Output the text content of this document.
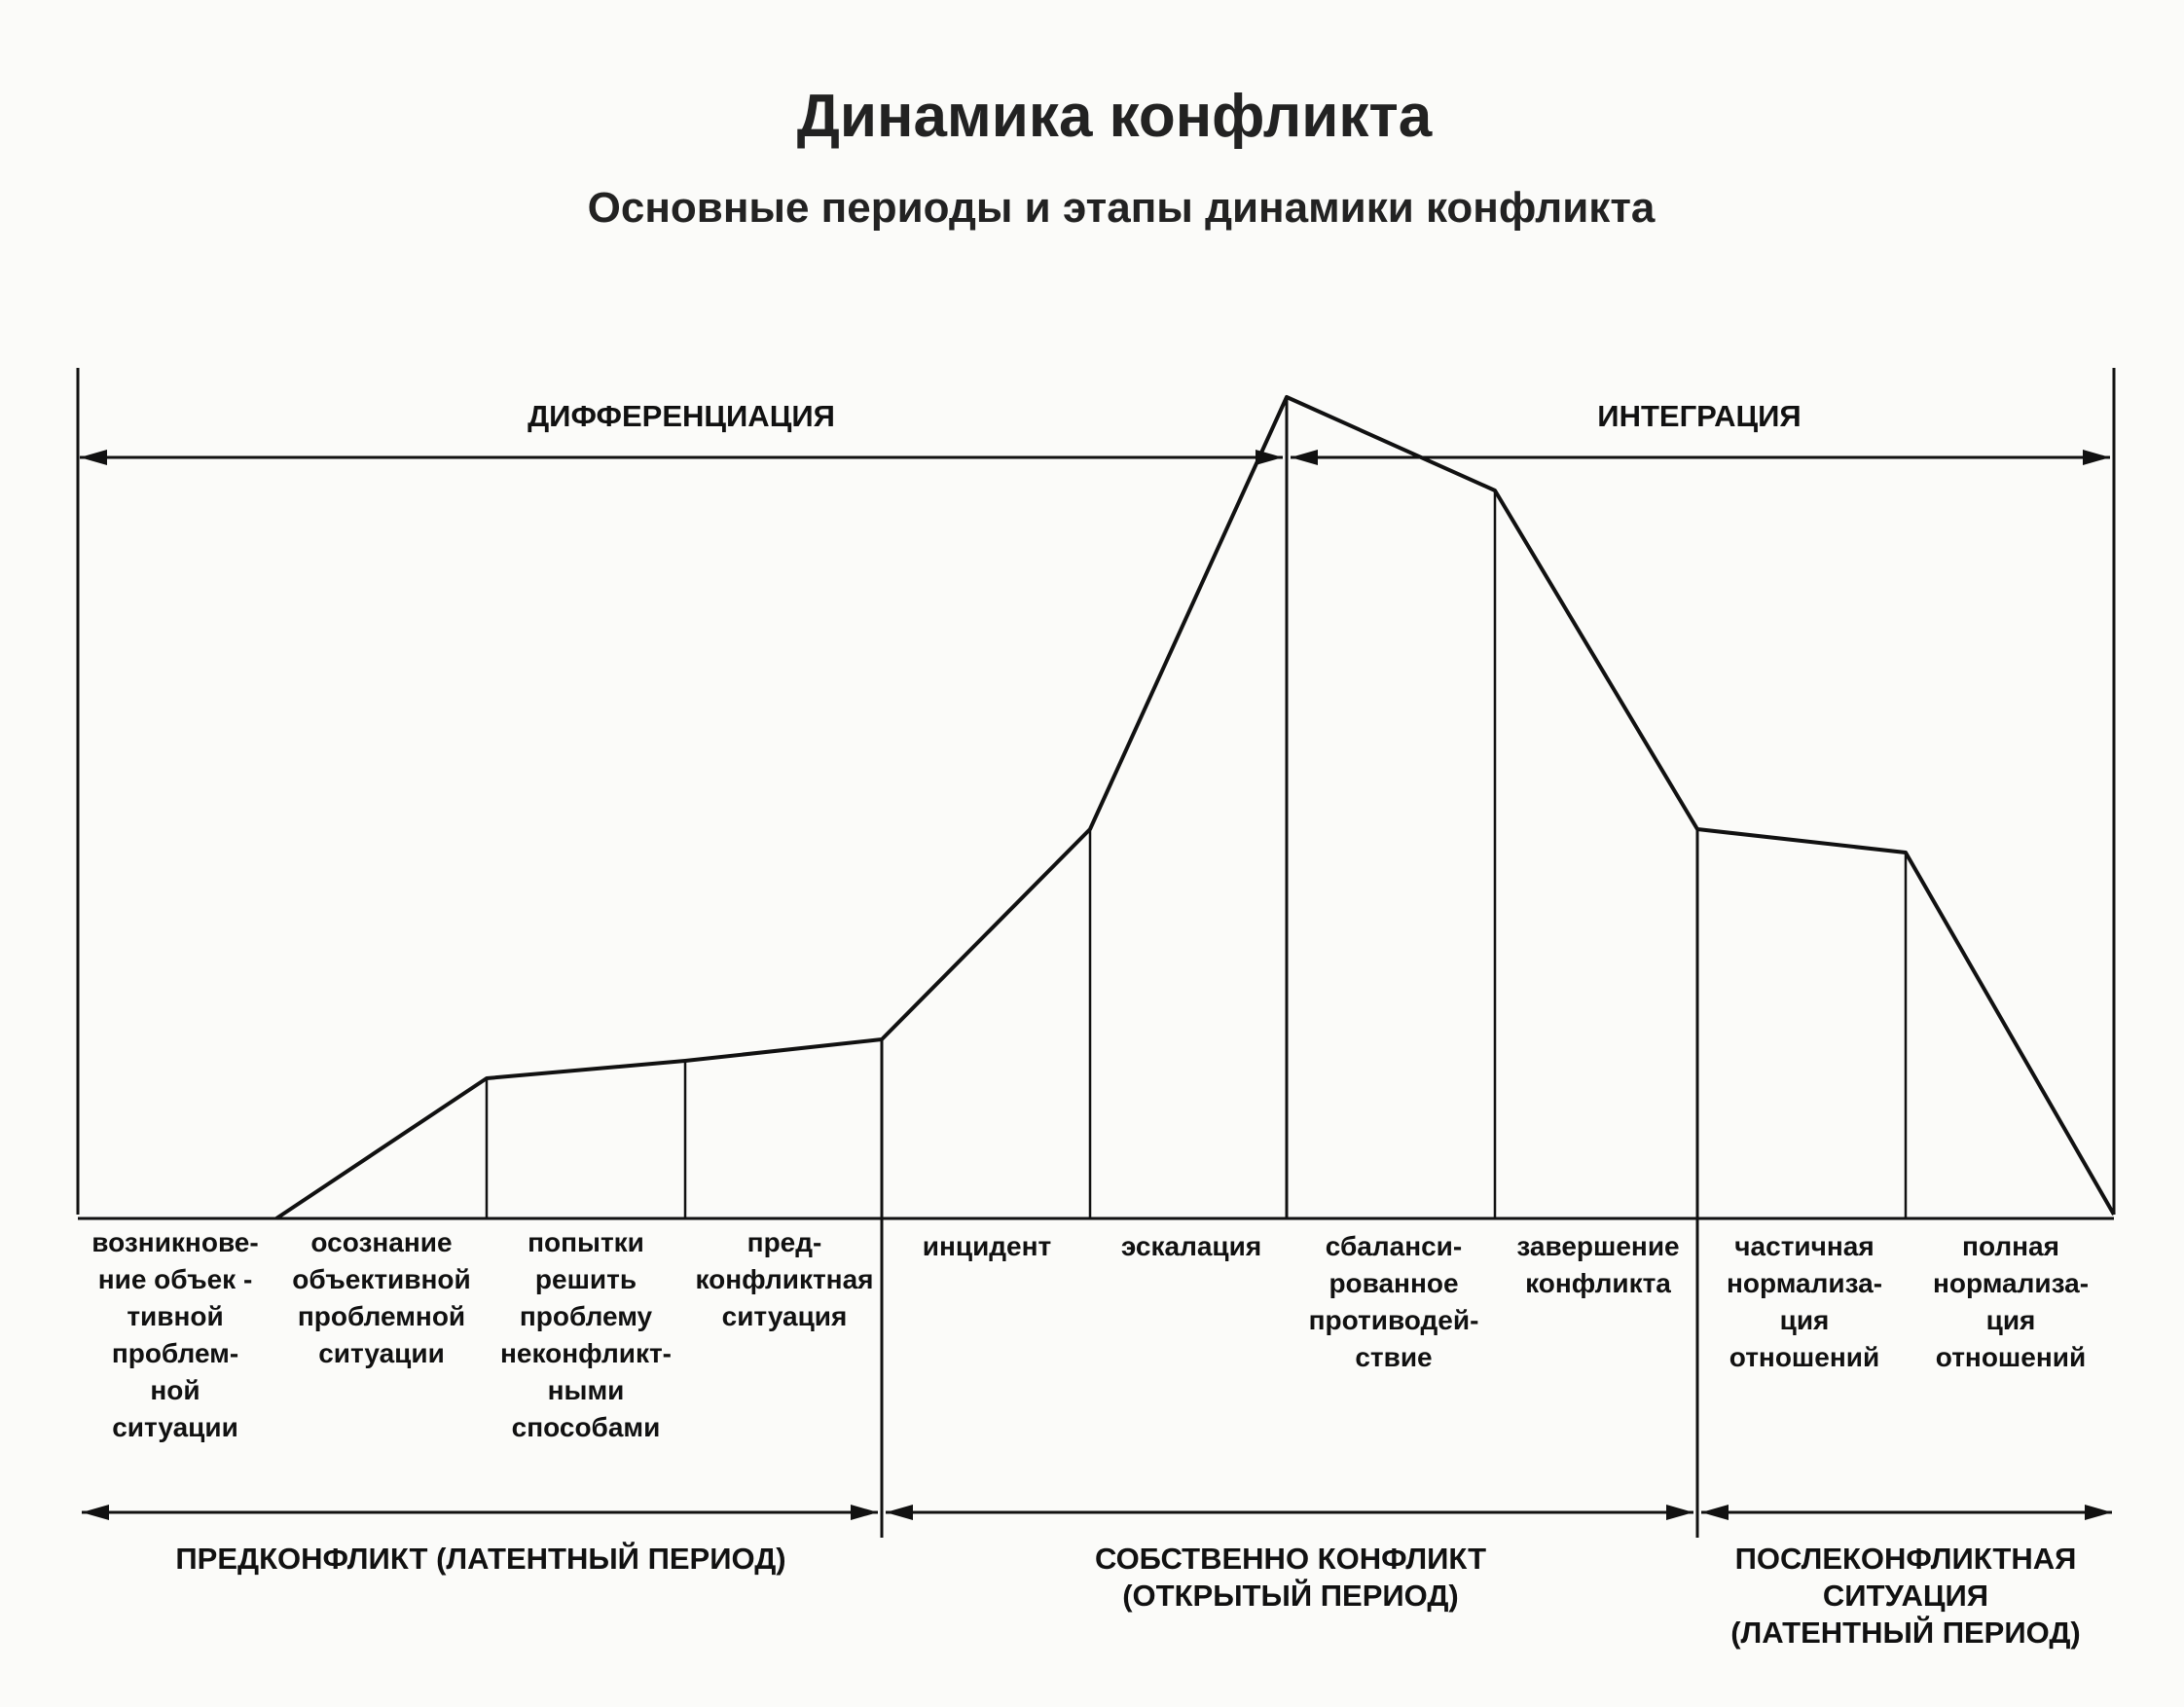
Динамика конфликта
Основные периоды и этапы динамики конфликта
ДИФФЕРЕНЦИАЦИЯ	ИНТЕГРАЦИЯ
возникнове-
ние объек -
тивной
проблем-
ной
ситуации
осознание
объективной
проблемной
ситуации
попытки
решить
проблему
неконфликт-
ными
способами
пред-
конфликтная
ситуация
инцидент	эскалация сбаланси-
рованное
противодей-
ствие
завершение
конфликта
частичная
нормализа-
ция
отношений
полная
нормализа-
ция
отношений
ПРЕДКОНФЛИКТ (ЛАТЕНТНЫЙ ПЕРИОД)	СОБСТВЕННО КОНФЛИКТ
(ОТКРЫТЫЙ ПЕРИОД)
ПОСЛЕКОНФЛИКТНАЯ
СИТУАЦИЯ
(ЛАТЕНТНЫЙ ПЕРИОД)
